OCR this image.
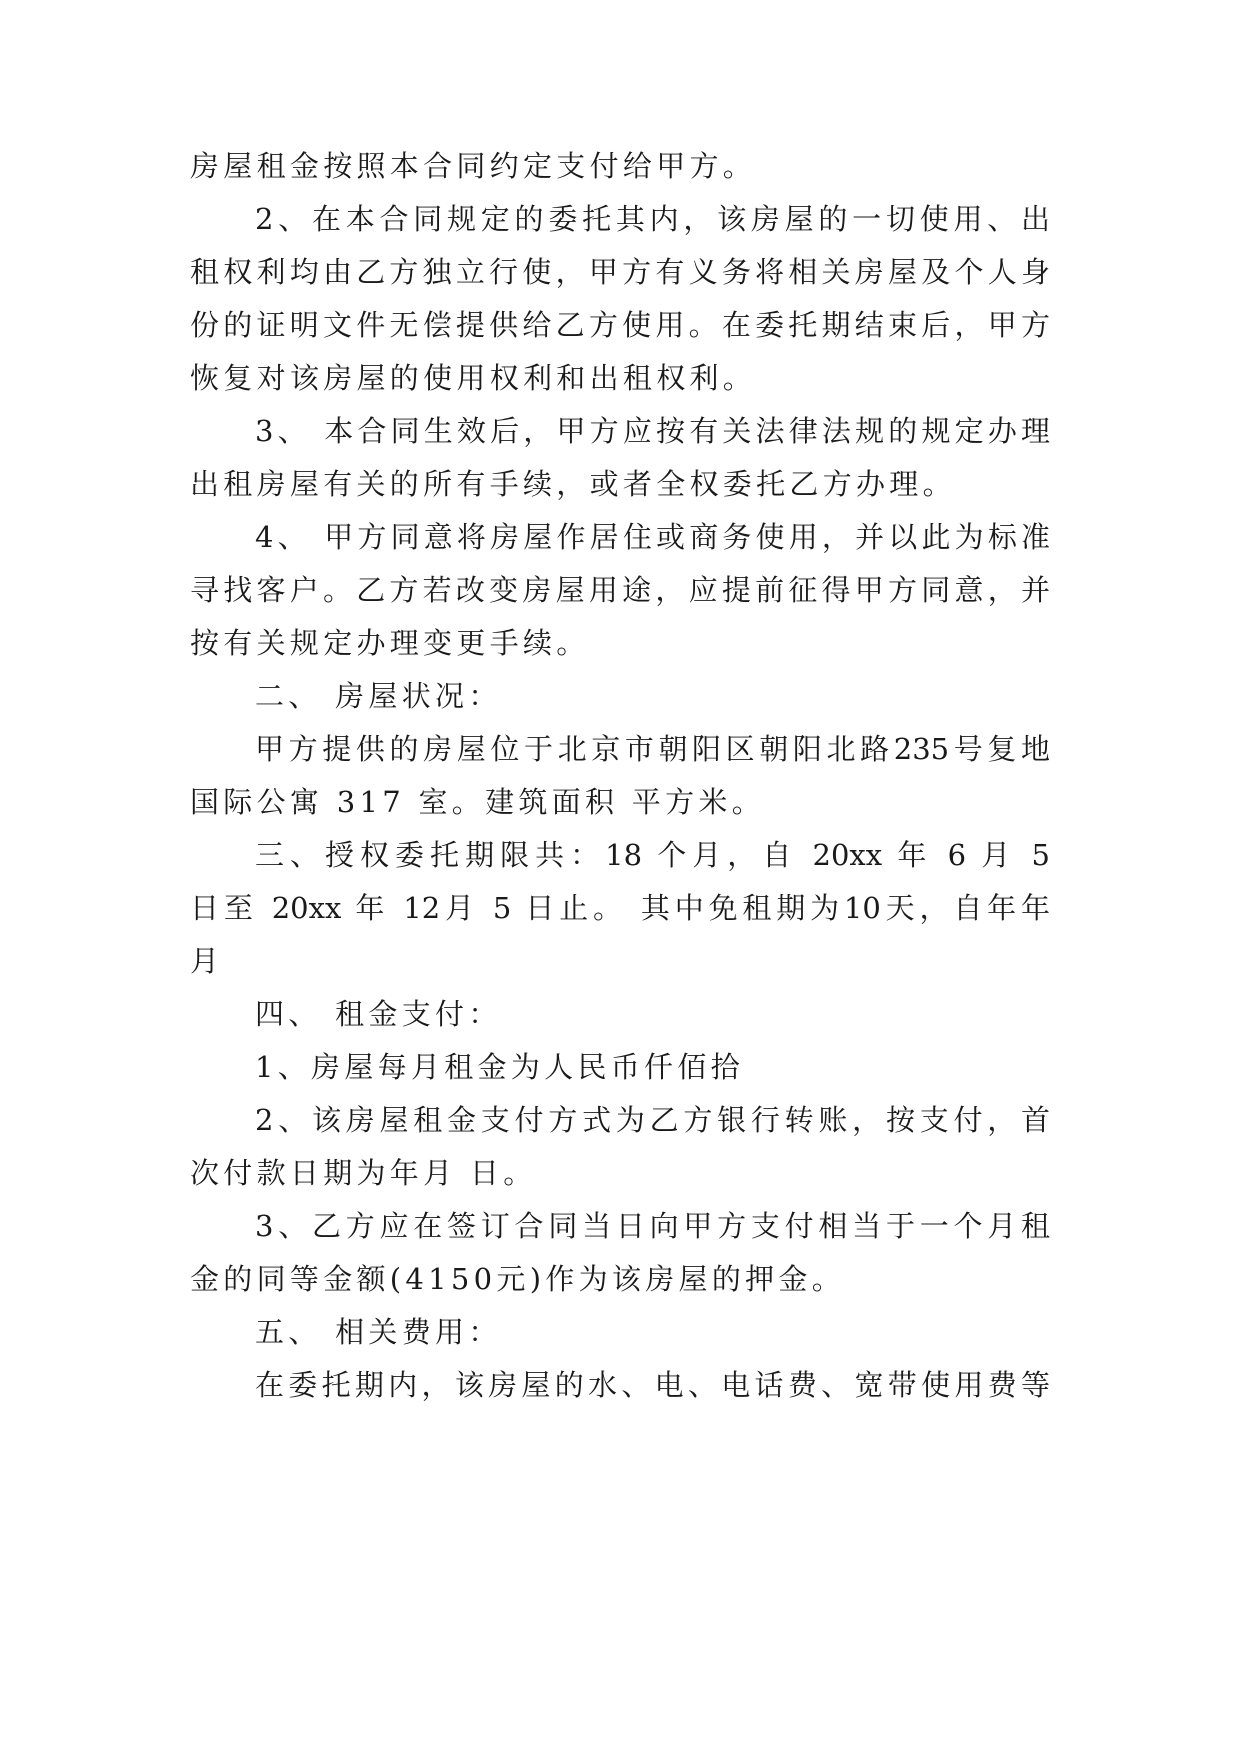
房屋租金按照本合同约定支付给甲方。
2、在本合同规定的委托其内，该房屋的一切使用、出
租权利均由乙方独立行使，甲方有义务将相关房屋及个人身
份的证明文件无偿提供给乙方使用。在委托期结束后，甲方
恢复对该房屋的使用权利和出租权利。
3、 本合同生效后，甲方应按有关法律法规的规定办理
出租房屋有关的所有手续，或者全权委托乙方办理。
4、 甲方同意将房屋作居住或商务使用，并以此为标准
寻找客户。乙方若改变房屋用途，应提前征得甲方同意，并
按有关规定办理变更手续。
二、 房屋状况：
甲方提供的房屋位于北京市朝阳区朝阳北路235号复地
国际公寓 317 室。建筑面积 平方米。
三、授权委托期限共：18 个月，自 20xx 年 6 月 5
日至 20xx 年 12月 5 日止。 其中免租期为10天，自年年
月
四、 租金支付：
1、房屋每月租金为人民币仟佰拾
2、该房屋租金支付方式为乙方银行转账，按支付，首
次付款日期为年月 日。
3、乙方应在签订合同当日向甲方支付相当于一个月租
金的同等金额(4150元)作为该房屋的押金。
五、 相关费用：
在委托期内，该房屋的水、电、电话费、宽带使用费等
